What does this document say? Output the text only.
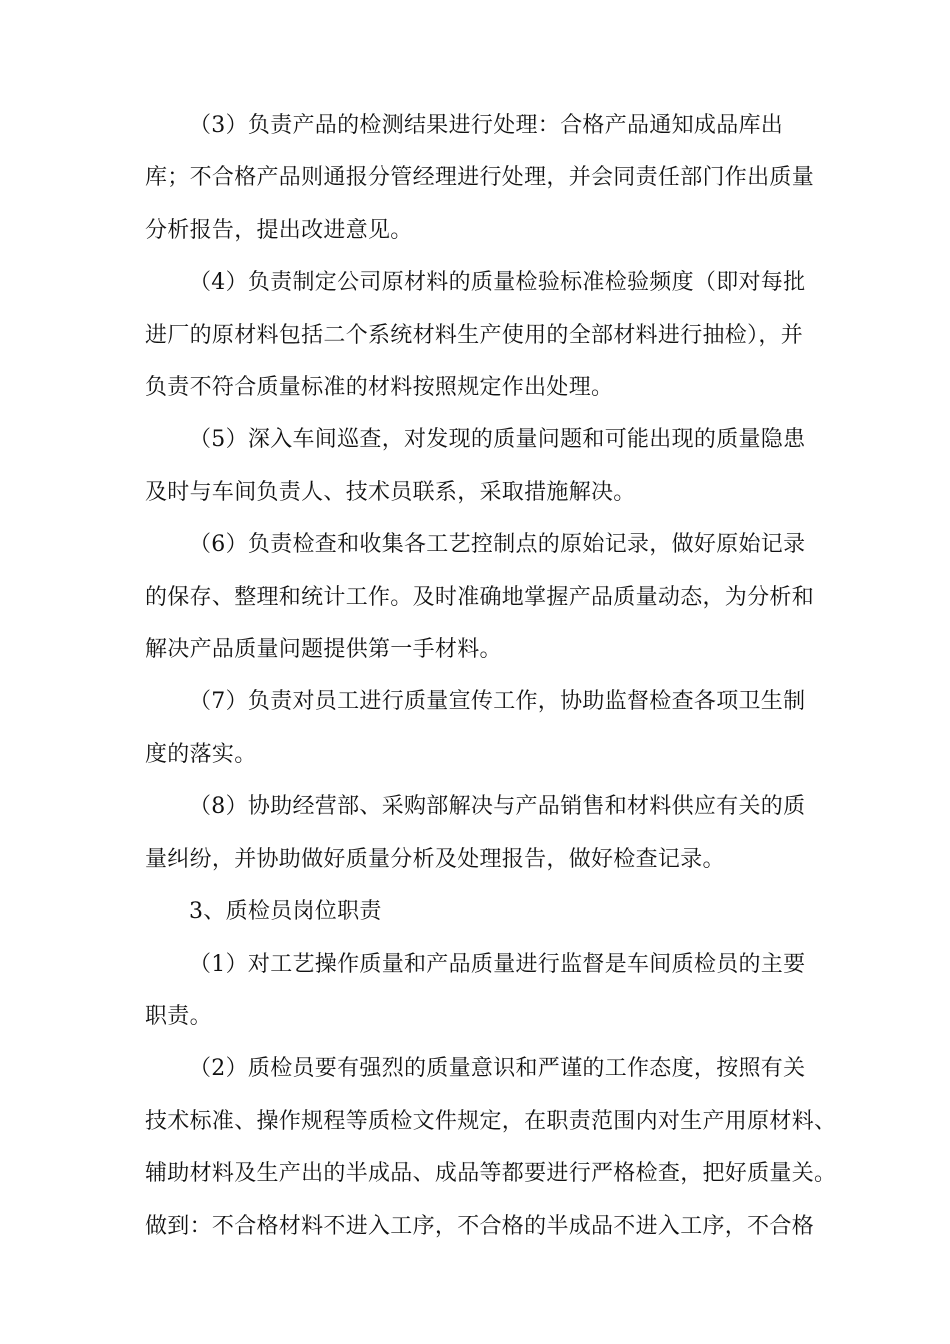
（3）负责产品的检测结果进行处理：合格产品通知成品库出
库；不合格产品则通报分管经理进行处理，并会同责任部门作出质量
分析报告，提出改进意见。

（4）负责制定公司原材料的质量检验标准检验频度（即对每批
进厂的原材料包括二个系统材料生产使用的全部材料进行抽检），并
负责不符合质量标准的材料按照规定作出处理。

（5）深入车间巡查，对发现的质量问题和可能出现的质量隐患
及时与车间负责人、技术员联系，采取措施解决。

（6）负责检查和收集各工艺控制点的原始记录，做好原始记录
的保存、整理和统计工作。及时准确地掌握产品质量动态，为分析和
解决产品质量问题提供第一手材料。

（7）负责对员工进行质量宣传工作，协助监督检查各项卫生制
度的落实。

（8）协助经营部、采购部解决与产品销售和材料供应有关的质
量纠纷，并协助做好质量分析及处理报告，做好检查记录。

3、质检员岗位职责

（1）对工艺操作质量和产品质量进行监督是车间质检员的主要
职责。

（2）质检员要有强烈的质量意识和严谨的工作态度，按照有关
技术标准、操作规程等质检文件规定，在职责范围内对生产用原材料、
辅助材料及生产出的半成品、成品等都要进行严格检查，把好质量关。
做到：不合格材料不进入工序，不合格的半成品不进入工序，不合格
